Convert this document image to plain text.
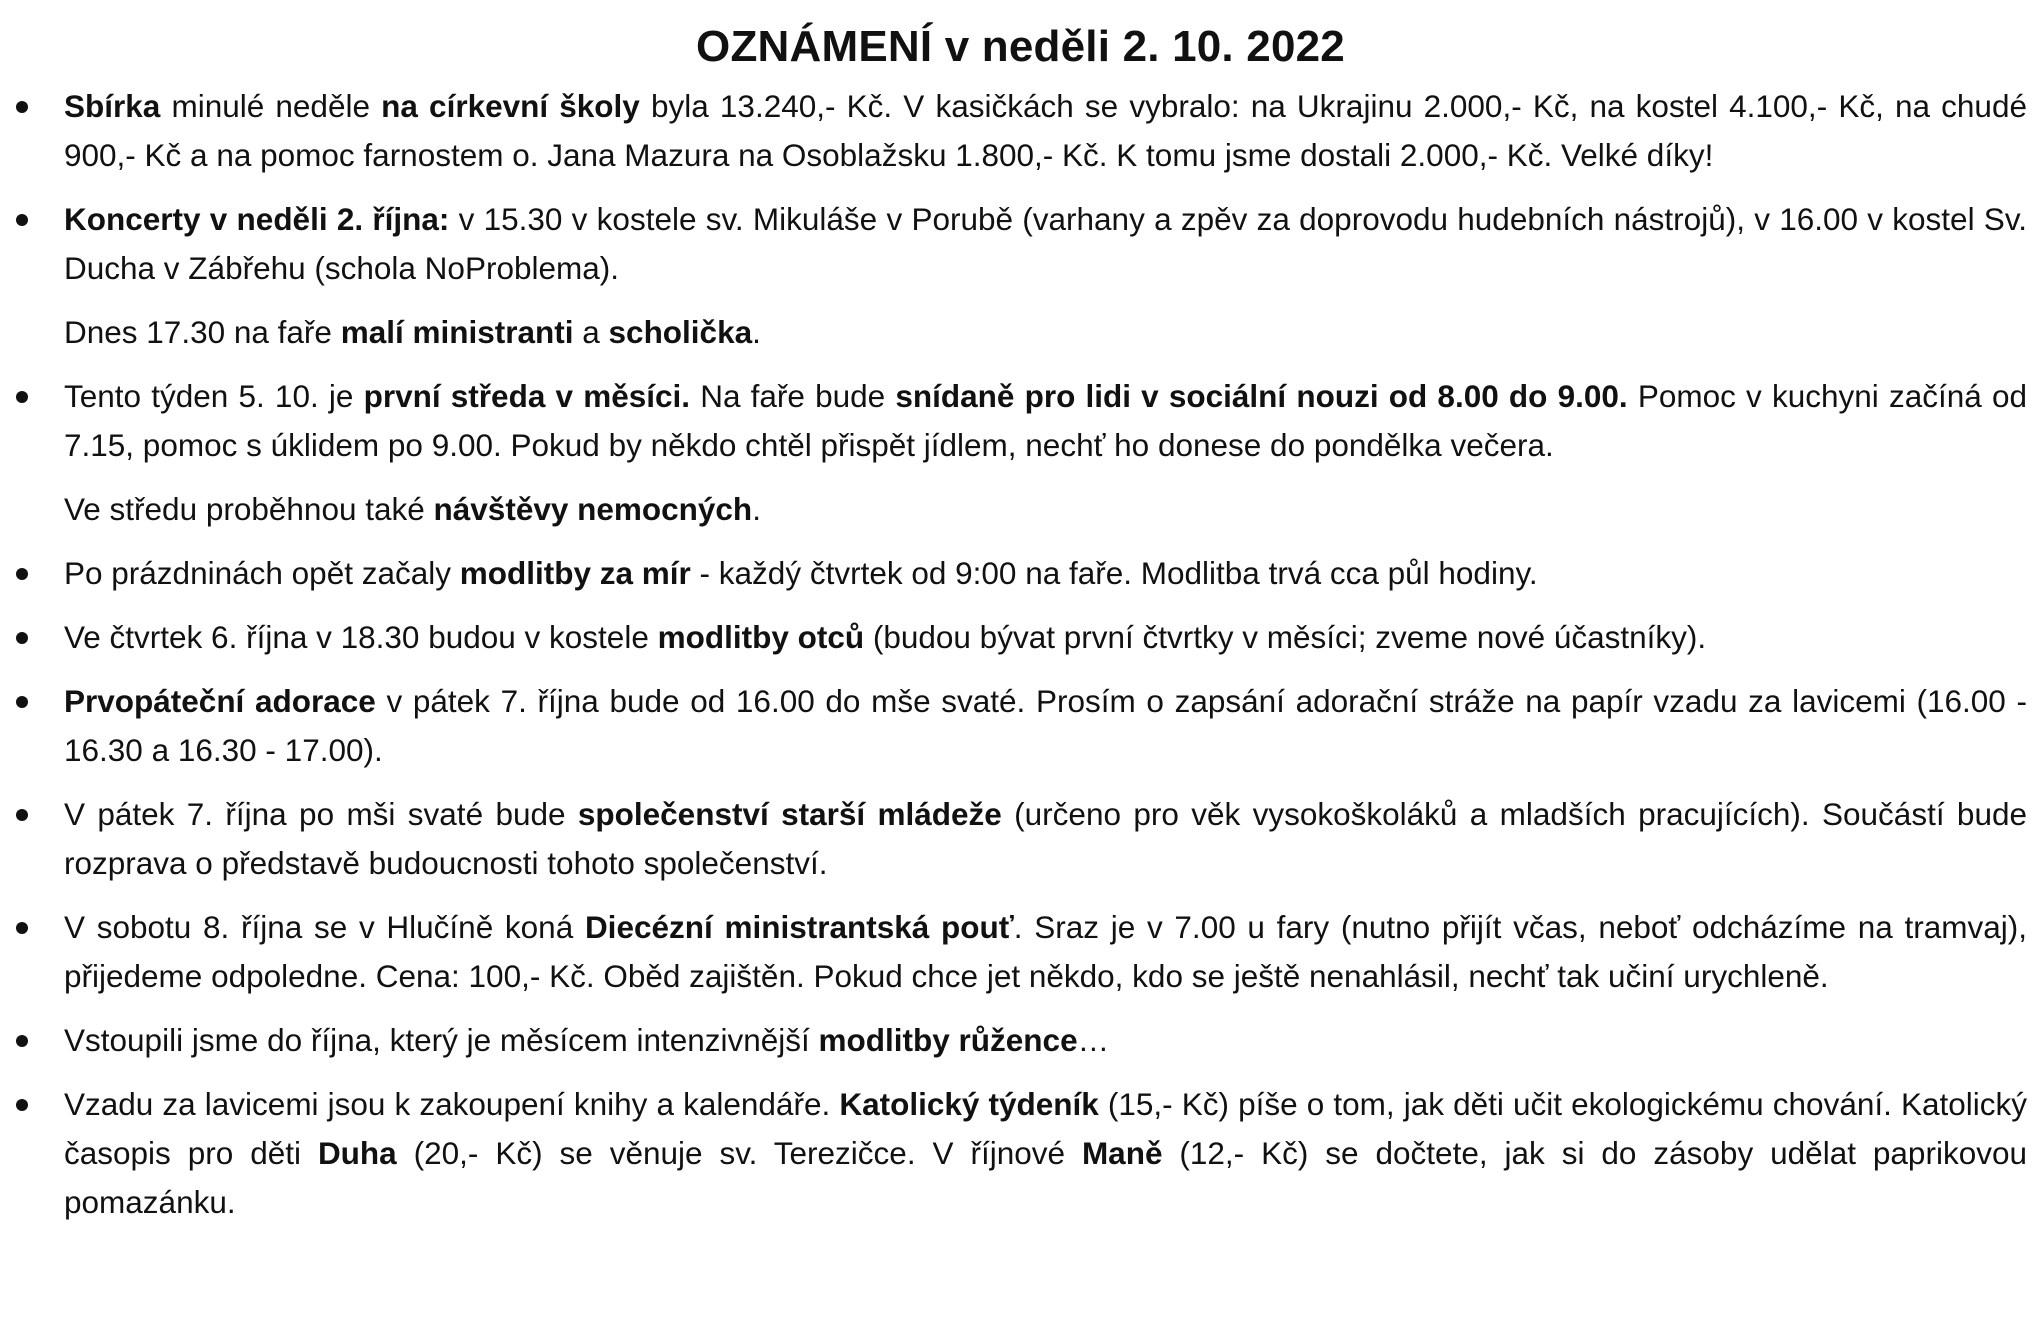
OZNÁMENÍ v neděli 2. 10. 2022
Sbírka minulé neděle na církevní školy byla 13.240,- Kč. V kasičkách se vybralo: na Ukrajinu 2.000,- Kč, na kostel 4.100,- Kč, na chudé 900,- Kč a na pomoc farnostem o. Jana Mazura na Osoblažsku 1.800,- Kč. K tomu jsme dostali 2.000,- Kč. Velké díky!
Koncerty v neděli 2. října: v 15.30 v kostele sv. Mikuláše v Porubě (varhany a zpěv za doprovodu hudebních nástrojů), v 16.00 v kostel Sv. Ducha v Zábřehu (schola NoProblema).
Dnes 17.30 na faře malí ministranti a scholička.
Tento týden 5. 10. je první středa v měsíci. Na faře bude snídaně pro lidi v sociální nouzi od 8.00 do 9.00. Pomoc v kuchyni začíná od 7.15, pomoc s úklidem po 9.00. Pokud by někdo chtěl přispět jídlem, nechť ho donese do pondělka večera.
Ve středu proběhnou také návštěvy nemocných.
Po prázdninách opět začaly modlitby za mír - každý čtvrtek od 9:00 na faře. Modlitba trvá cca půl hodiny.
Ve čtvrtek 6. října v 18.30 budou v kostele modlitby otců (budou bývat první čtvrtky v měsíci; zveme nové účastníky).
Prvopáteční adorace v pátek 7. října bude od 16.00 do mše svaté. Prosím o zapsání adorační stráže na papír vzadu za lavicemi (16.00 - 16.30 a 16.30 - 17.00).
V pátek 7. října po mši svaté bude společenství starší mládeže (určeno pro věk vysokoškoláků a mladších pracujících). Součástí bude rozprava o představě budoucnosti tohoto společenství.
V sobotu 8. října se v Hlučíně koná Diecézní ministrantská pouť. Sraz je v 7.00 u fary (nutno přijít včas, neboť odcházíme na tramvaj), přijedeme odpoledne. Cena: 100,- Kč. Oběd zajištěn. Pokud chce jet někdo, kdo se ještě nenahlásil, nechť tak učiní urychleně.
Vstoupili jsme do října, který je měsícem intenzivnější modlitby růžence…
Vzadu za lavicemi jsou k zakoupení knihy a kalendáře. Katolický týdeník (15,- Kč) píše o tom, jak děti učit ekologickému chování. Katolický časopis pro děti Duha (20,- Kč) se věnuje sv. Terezičce. V říjnové Maně (12,- Kč) se dočtete, jak si do zásoby udělat paprikovou pomazánku.
